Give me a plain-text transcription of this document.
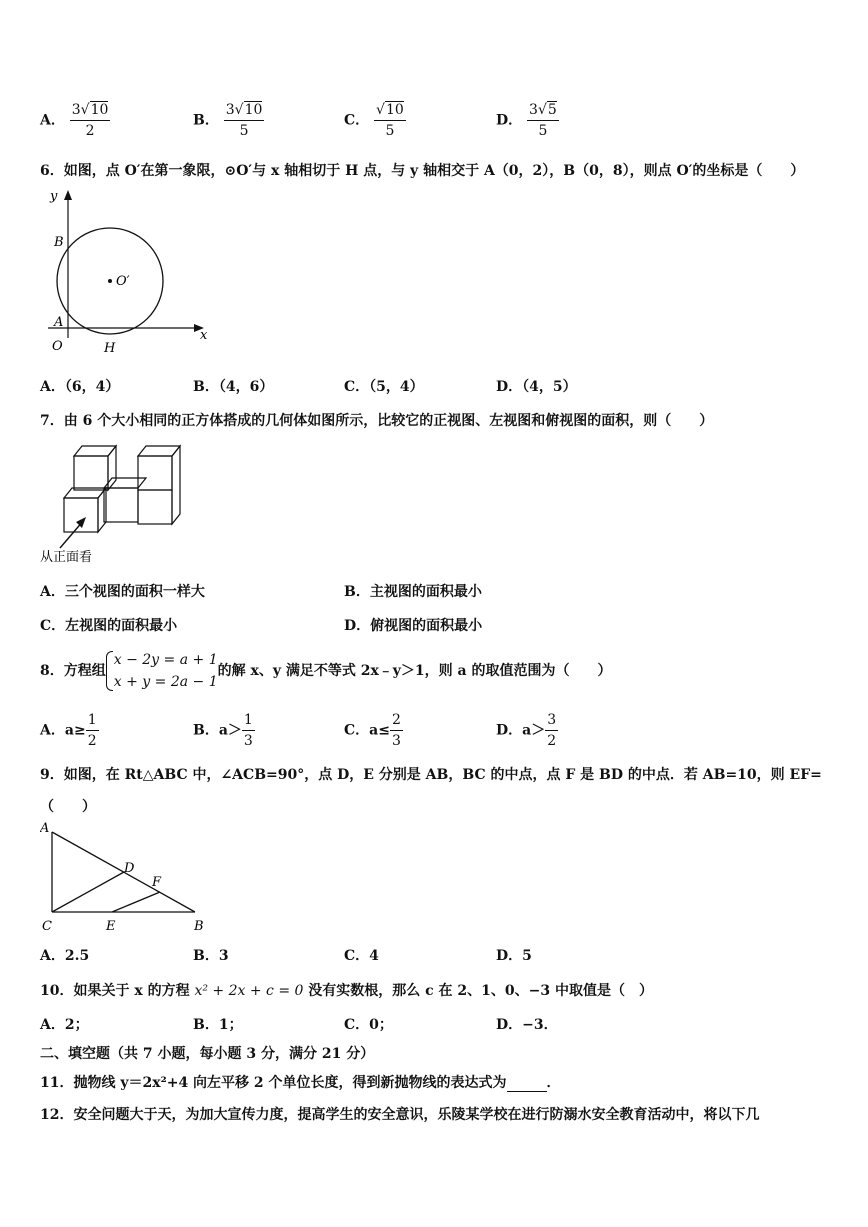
A． $\frac{3√10}{2}$	B． $\frac{3√10}{5}$	C． $\frac{√10}{5}$	D． $\frac{3√5}{5}$
6．如图，点 O′在第一象限，⊙O′与 x 轴相切于 H 点，与 y 轴相交于 A（0，2），B（0，8），则点 O′的坐标是（　　）
y
x
B
A
O	H
O′
A．（6，4）	B．（4，6）	C．（5，4）	D．（4，5）
7．由 6 个大小相同的正方体搭成的几何体如图所示，比较它的正视图、左视图和俯视图的面积，则（　　）
从正面看
A．三个视图的面积一样大	B．主视图的面积最小
C．左视图的面积最小	D．俯视图的面积最小
8．方程组
x − 2y = a + 1
x + y = 2a − 1
的解 x、y 满足不等式 2x﹣y＞1，则 a 的取值范围为（　　）
A．$a\ge \frac{1}{2}$	B．$a> \frac{1}{3}$	C．$a\le \frac{2}{3}$	D．$a> \frac{3}{2}$
9．如图，在 Rt△ABC 中，∠ACB=90°，点 D，E 分别是 AB，BC 的中点，点 F 是 BD 的中点．若 AB=10，则 EF=
（　　）
A
D
F
C	E	B
A．2.5	B．3	C．4	D．5
10．如果关于 x 的方程 x² + 2x + c = 0 没有实数根，那么 c 在 2、1、0、−3 中取值是（　）
A．2；	B．1；	C．0；	D．−3．
二、填空题（共 7 小题，每小题 3 分，满分 21 分）
11．抛物线 y＝2x²+4 向左平移 2 个单位长度，得到新抛物线的表达式为	．
12．安全问题大于天，为加大宣传力度，提高学生的安全意识，乐陵某学校在进行防溺水安全教育活动中，将以下几
